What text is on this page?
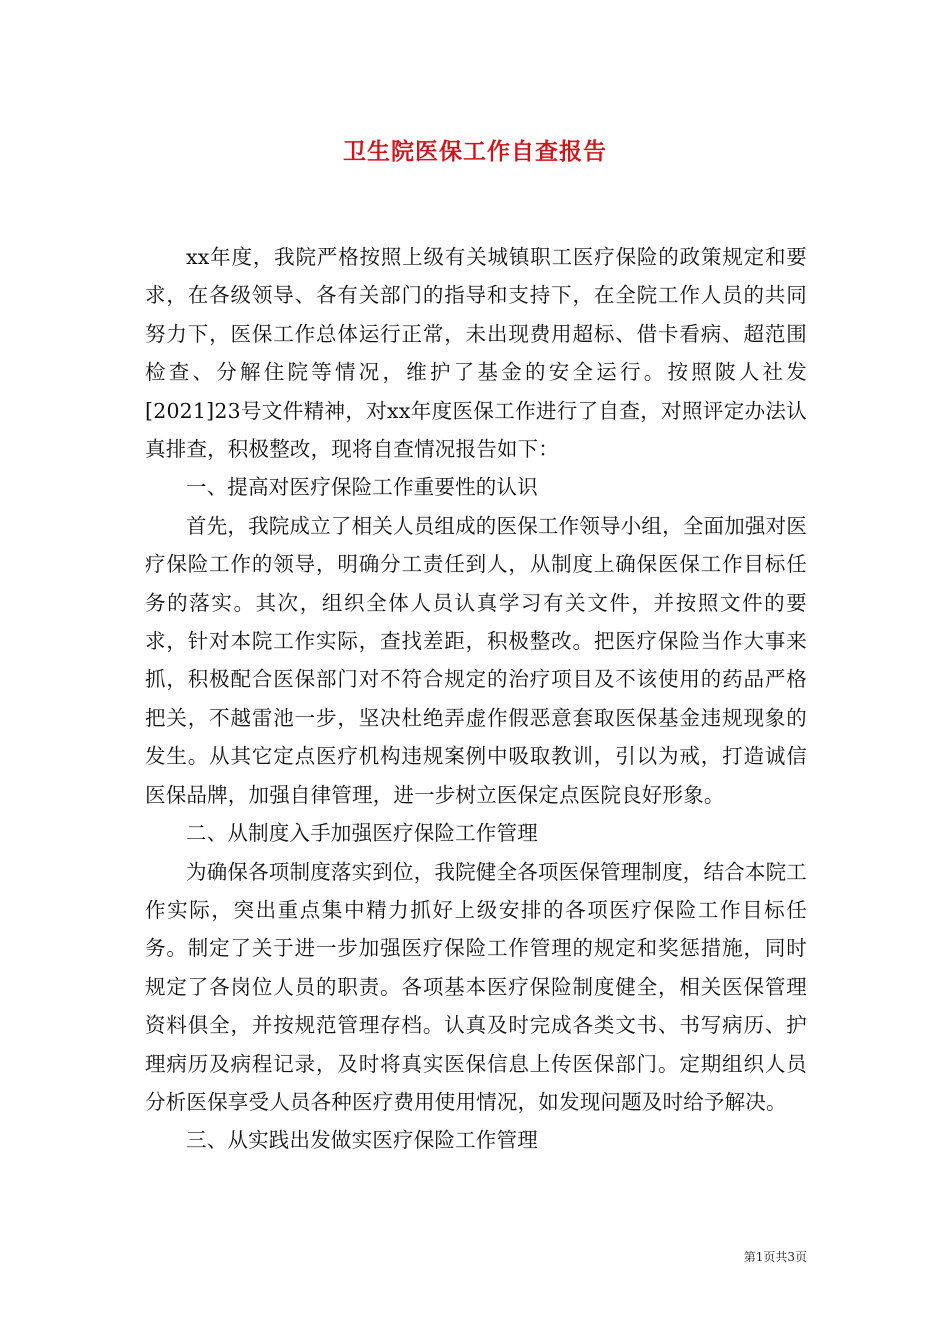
卫生院医保工作自查报告

xx年度，我院严格按照上级有关城镇职工医疗保险的政策规定和要求，在各级领导、各有关部门的指导和支持下，在全院工作人员的共同努力下，医保工作总体运行正常，未出现费用超标、借卡看病、超范围检查、分解住院等情况，维护了基金的安全运行。按照陂人社发[2021]23号文件精神，对xx年度医保工作进行了自查，对照评定办法认真排查，积极整改，现将自查情况报告如下：

一、提高对医疗保险工作重要性的认识

首先，我院成立了相关人员组成的医保工作领导小组，全面加强对医疗保险工作的领导，明确分工责任到人，从制度上确保医保工作目标任务的落实。其次，组织全体人员认真学习有关文件，并按照文件的要求，针对本院工作实际，查找差距，积极整改。把医疗保险当作大事来抓，积极配合医保部门对不符合规定的治疗项目及不该使用的药品严格把关，不越雷池一步，坚决杜绝弄虚作假恶意套取医保基金违规现象的发生。从其它定点医疗机构违规案例中吸取教训，引以为戒，打造诚信医保品牌，加强自律管理，进一步树立医保定点医院良好形象。

二、从制度入手加强医疗保险工作管理

为确保各项制度落实到位，我院健全各项医保管理制度，结合本院工作实际，突出重点集中精力抓好上级安排的各项医疗保险工作目标任务。制定了关于进一步加强医疗保险工作管理的规定和奖惩措施，同时规定了各岗位人员的职责。各项基本医疗保险制度健全，相关医保管理资料俱全，并按规范管理存档。认真及时完成各类文书、书写病历、护理病历及病程记录，及时将真实医保信息上传医保部门。定期组织人员分析医保享受人员各种医疗费用使用情况，如发现问题及时给予解决。

三、从实践出发做实医疗保险工作管理

第1页共3页
